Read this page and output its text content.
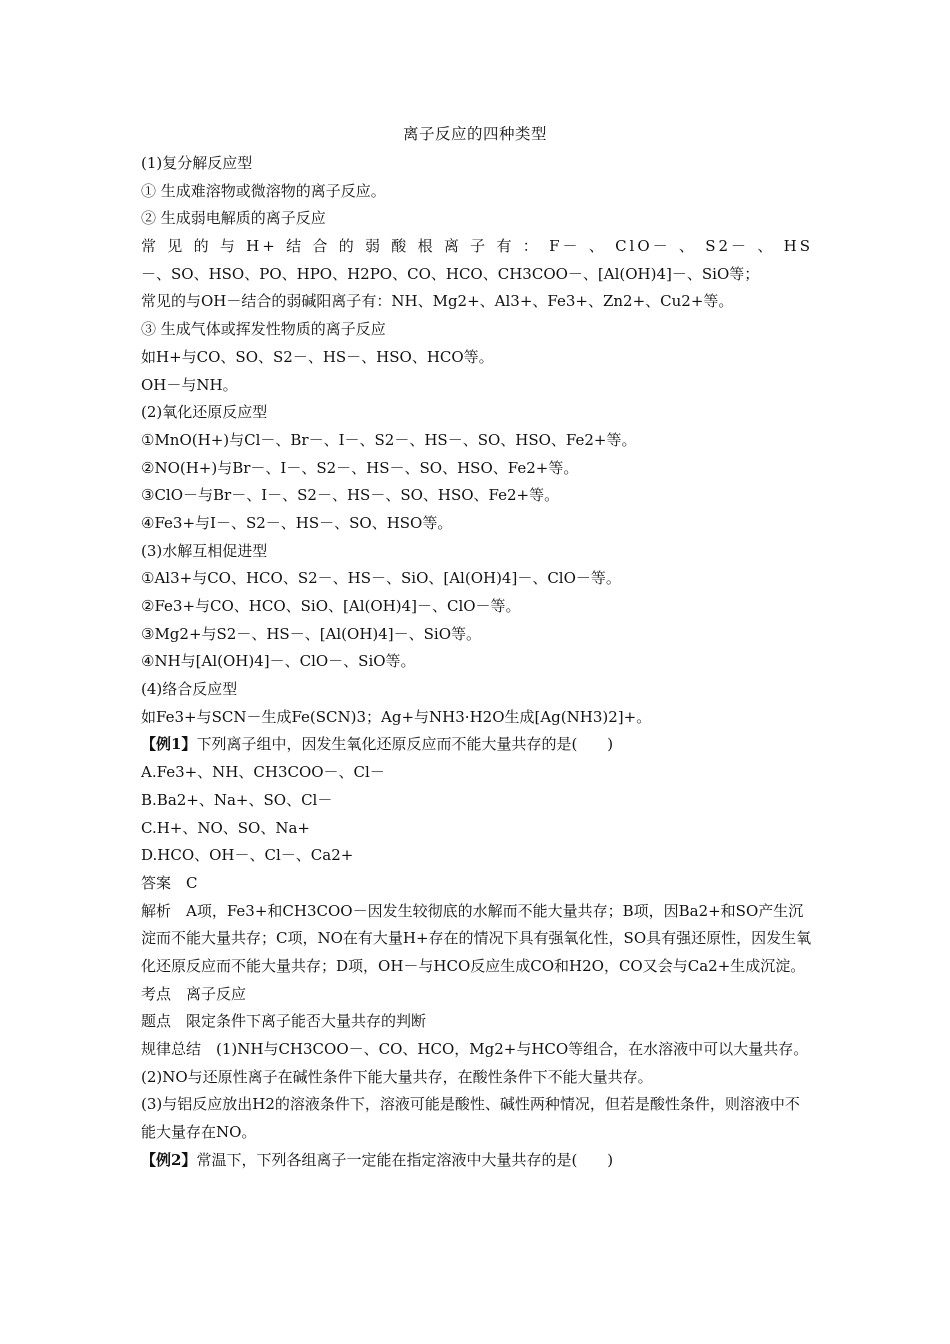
离子反应的四种类型
(1)复分解反应型
① 生成难溶物或微溶物的离子反应。
② 生成弱电解质的离子反应
常见的与H+结合的弱酸根离子有：F－、ClO－、S2－、HS
－、SO、HSO、PO、HPO、H2PO、CO、HCO、CH3COO－、[Al(OH)4]－、SiO等；
常见的与OH－结合的弱碱阳离子有：NH、Mg2+、Al3+、Fe3+、Zn2+、Cu2+等。
③ 生成气体或挥发性物质的离子反应
如H+与CO、SO、S2－、HS－、HSO、HCO等。
OH－与NH。
(2)氧化还原反应型
①MnO(H+)与Cl－、Br－、I－、S2－、HS－、SO、HSO、Fe2+等。
②NO(H+)与Br－、I－、S2－、HS－、SO、HSO、Fe2+等。
③ClO－与Br－、I－、S2－、HS－、SO、HSO、Fe2+等。
④Fe3+与I－、S2－、HS－、SO、HSO等。
(3)水解互相促进型
①Al3+与CO、HCO、S2－、HS－、SiO、[Al(OH)4]－、ClO－等。
②Fe3+与CO、HCO、SiO、[Al(OH)4]－、ClO－等。
③Mg2+与S2－、HS－、[Al(OH)4]－、SiO等。
④NH与[Al(OH)4]－、ClO－、SiO等。
(4)络合反应型
如Fe3+与SCN－生成Fe(SCN)3；Ag+与NH3·H2O生成[Ag(NH3)2]+。
【例1】下列离子组中，因发生氧化还原反应而不能大量共存的是(　　)
A.Fe3+、NH、CH3COO－、Cl－
B.Ba2+、Na+、SO、Cl－
C.H+、NO、SO、Na+
D.HCO、OH－、Cl－、Ca2+
答案　C
解析　A项，Fe3+和CH3COO－因发生较彻底的水解而不能大量共存；B项，因Ba2+和SO产生沉淀而不能大量共存；C项，NO在有大量H+存在的情况下具有强氧化性，SO具有强还原性，因发生氧化还原反应而不能大量共存；D项，OH－与HCO反应生成CO和H2O，CO又会与Ca2+生成沉淀。
考点　离子反应
题点　限定条件下离子能否大量共存的判断
规律总结　(1)NH与CH3COO－、CO、HCO，Mg2+与HCO等组合，在水溶液中可以大量共存。
(2)NO与还原性离子在碱性条件下能大量共存，在酸性条件下不能大量共存。
(3)与铝反应放出H2的溶液条件下，溶液可能是酸性、碱性两种情况，但若是酸性条件，则溶液中不能大量存在NO。
【例2】常温下，下列各组离子一定能在指定溶液中大量共存的是(　　)
